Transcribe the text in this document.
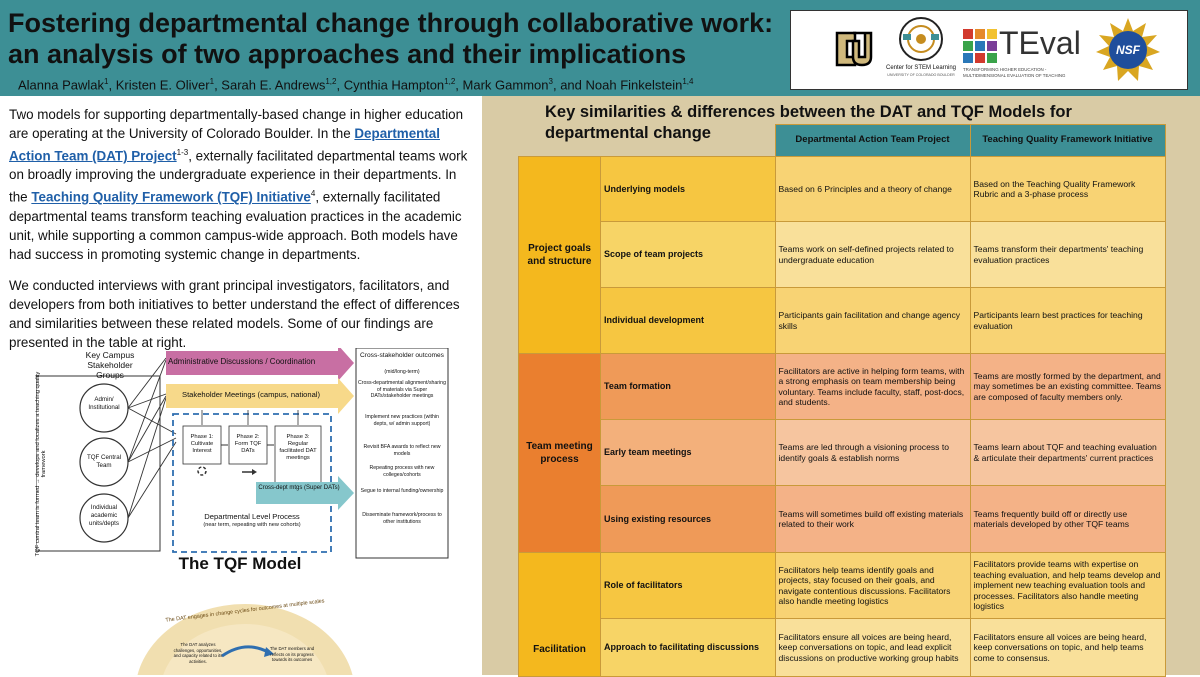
Fostering departmental change through collaborative work: an analysis of two approaches and their implications
Alanna Pawlak$^1$, Kristen E. Oliver$^1$, Sarah E. Andrews$^{1,2}$, Cynthia Hampton$^{1,2}$, Mark Gammon$^3$, and Noah Finkelstein$^{1,4}$
Center for STEM Learning
UNIVERSITY OF COLORADO BOULDER
TEval
TRANSFORMING HIGHER EDUCATION -
MULTIDIMENSIONAL EVALUATION OF TEACHING
NSF

Two models for supporting departmentally-based change in higher education are operating at the University of Colorado Boulder. In the Departmental Action Team (DAT) Project$^{1-3}$, externally facilitated departmental teams work on broadly improving the undergraduate experience in their departments. In the Teaching Quality Framework (TQF) Initiative$^4$, externally facilitated departmental teams transform teaching evaluation practices in the academic unit, while supporting a common campus-wide approach. Both models have had success in promoting systemic change in departments.

We conducted interviews with grant principal investigators, facilitators, and developers from both initiatives to better understand the effect of differences and similarities between these related models. Some of our findings are presented in the table at right.

TQF central team is formed → develops and localizes a teaching quality framework
Key Campus Stakeholder Groups
Admin/ Institutional
TQF Central Team
Individual academic units/depts
Administrative Discussions / Coordination
Stakeholder Meetings (campus, national)
Phase 1: Cultivate Interest
Phase 2: Form TQF DATs
Phase 3: Regular facilitated DAT meetings
Cross-dept mtgs (Super DATs)
Departmental Level Process
(near term, repeating with new cohorts)
Cross-stakeholder outcomes
(mid/long-term)
Cross-departmental alignment/sharing of materials via Super DATs/stakeholder meetings
Implement new practices (within depts, w/ admin support)
Revisit BFA awards to reflect new models
Repeating process with new colleges/cohorts
Segue to internal funding/ownership
Disseminate framework/process to other institutions
The TQF Model
The DAT engages in change cycles for outcomes at multiple scales
The DAT analyzes challenges, opportunities, and capacity related to its activities.
The DAT members and reflects on its progress towards its outcomes
Key similarities & differences between the DAT and TQF Models for departmental change
			Departmental Action Team Project	Teaching Quality Framework Initiative
Project goals and structure	Underlying models	Based on 6 Principles and a theory of change	Based on the Teaching Quality Framework Rubric and a 3-phase process
	Scope of team projects	Teams work on self-defined projects related to undergraduate education	Teams transform their departments' teaching evaluation practices
	Individual development	Participants gain facilitation and change agency skills	Participants learn best practices for teaching evaluation
Team meeting process	Team formation	Facilitators are active in helping form teams, with a strong emphasis on team membership being voluntary. Teams include faculty, staff, post-docs, and students.	Teams are mostly formed by the department, and may sometimes be an existing committee. Teams are composed of faculty members only.
	Early team meetings	Teams are led through a visioning process to identify goals & establish norms	Teams learn about TQF and teaching evaluation & articulate their departments' current practices
	Using existing resources	Teams will sometimes build off existing materials related to their work	Teams frequently build off or directly use materials developed by other TQF teams
Facilitation	Role of facilitators	Facilitators help teams identify goals and projects, stay focused on their goals, and navigate contentious discussions. Facilitators also handle meeting logistics	Facilitators provide teams with expertise on teaching evaluation, and help teams develop and implement new teaching evaluation tools and processes. Facilitators also handle meeting logistics
	Approach to facilitating discussions	Facilitators ensure all voices are being heard, keep conversations on topic, and lead explicit discussions on productive working group habits	Facilitators ensure all voices are being heard, keep conversations on topic, and help teams come to consensus.
